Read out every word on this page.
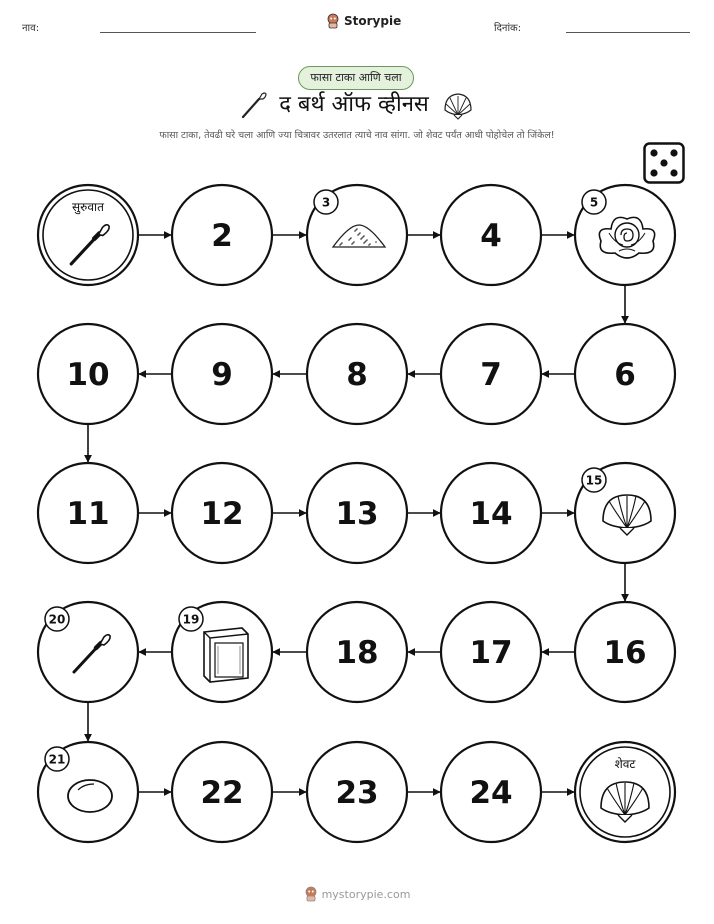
नाव:
Storypie
दिनांक:
फासा टाका आणि चला
द बर्थ ऑफ व्हीनस
फासा टाका, तेवढी घरे चला आणि ज्या चित्रावर उतरलात त्याचे नाव सांगा. जो शेवट पर्यंत आधी पोहोचेल तो जिंकेल!
सुरुवात
2
3
4
5
6
7
8
9
10
11	12	13	14
15
16
17
18
19
20
21
22	23	24
शेवट
mystorypie.com
